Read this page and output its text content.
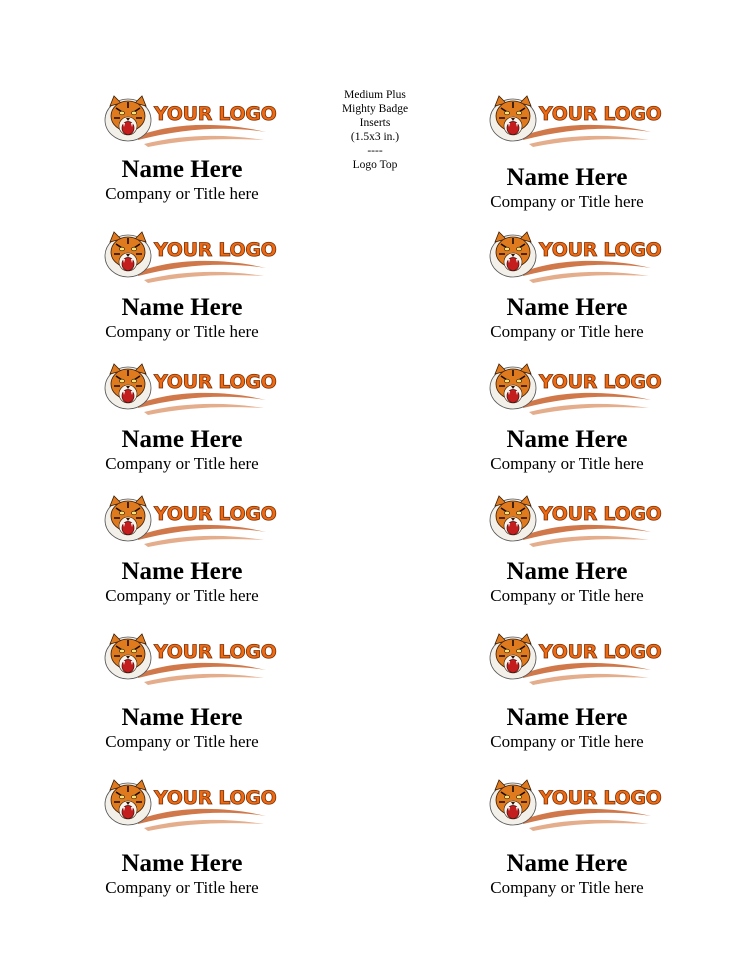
Medium Plus
Mighty Badge
Inserts
(1.5x3 in.)
----
Logo Top
YOUR LOGO
Name Here
Company or Title here
YOUR LOGO
Name Here
Company or Title here
YOUR LOGO
Name Here
Company or Title here
YOUR LOGO
Name Here
Company or Title here
YOUR LOGO
Name Here
Company or Title here
YOUR LOGO
Name Here
Company or Title here
YOUR LOGO
Name Here
Company or Title here
YOUR LOGO
Name Here
Company or Title here
YOUR LOGO
Name Here
Company or Title here
YOUR LOGO
Name Here
Company or Title here
YOUR LOGO
Name Here
Company or Title here
YOUR LOGO
Name Here
Company or Title here
